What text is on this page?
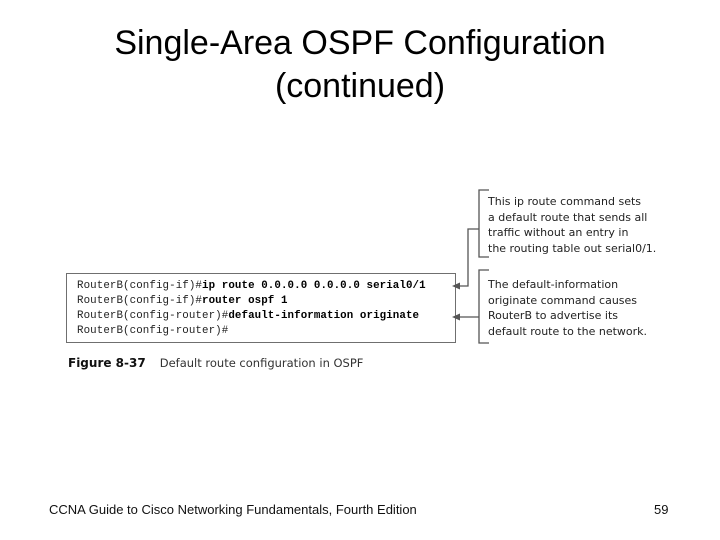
Single-Area OSPF Configuration
(continued)
RouterB(config-if)#ip route 0.0.0.0 0.0.0.0 serial0/1
RouterB(config-if)#router ospf 1
RouterB(config-router)#default-information originate
RouterB(config-router)#
This ip route command sets
a default route that sends all
traffic without an entry in
the routing table out serial0/1.
The default-information
originate command causes
RouterB to advertise its
default route to the network.
Figure 8-37 Default route configuration in OSPF
CCNA Guide to Cisco Networking Fundamentals, Fourth Edition	59
